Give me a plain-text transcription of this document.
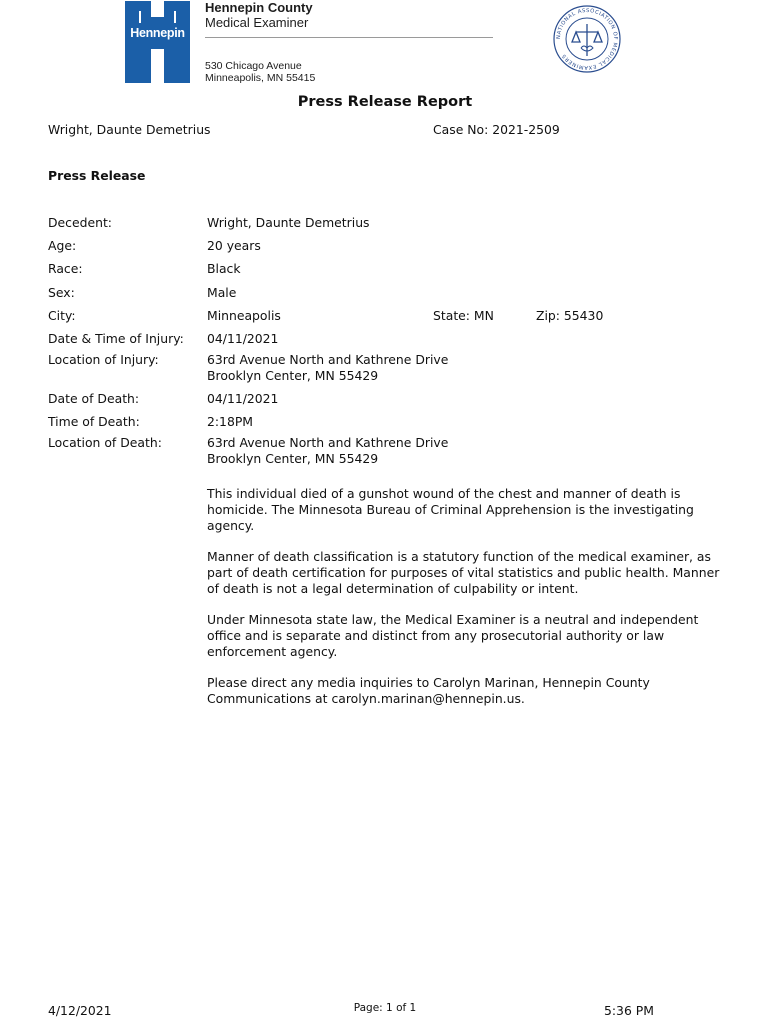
Hennepin
Hennepin County
Medical Examiner
530 Chicago Avenue
Minneapolis, MN 55415
NATIONAL ASSOCIATION OF MEDICAL EXAMINERS
Press Release Report
Wright, Daunte Demetrius	Case No: 2021-2509
Press Release
Decedent:	Wright, Daunte Demetrius
Age:	20 years
Race:	Black
Sex:	Male
City:	Minneapolis	State: MN	Zip: 55430
Date & Time of Injury: 04/11/2021
Location of Injury:	63rd Avenue North and Kathrene Drive
Brooklyn Center, MN 55429
Date of Death:	04/11/2021
Time of Death:	2:18PM
Location of Death:	63rd Avenue North and Kathrene Drive
Brooklyn Center, MN 55429
This individual died of a gunshot wound of the chest and manner of death is homicide. The Minnesota Bureau of Criminal Apprehension is the investigating agency.
Manner of death classification is a statutory function of the medical examiner, as part of death certification for purposes of vital statistics and public health. Manner of death is not a legal determination of culpability or intent.
Under Minnesota state law, the Medical Examiner is a neutral and independent office and is separate and distinct from any prosecutorial authority or law enforcement agency.
Please direct any media inquiries to Carolyn Marinan, Hennepin County Communications at carolyn.marinan@hennepin.us.
4/12/2021	Page: 1 of 1	5:36 PM
